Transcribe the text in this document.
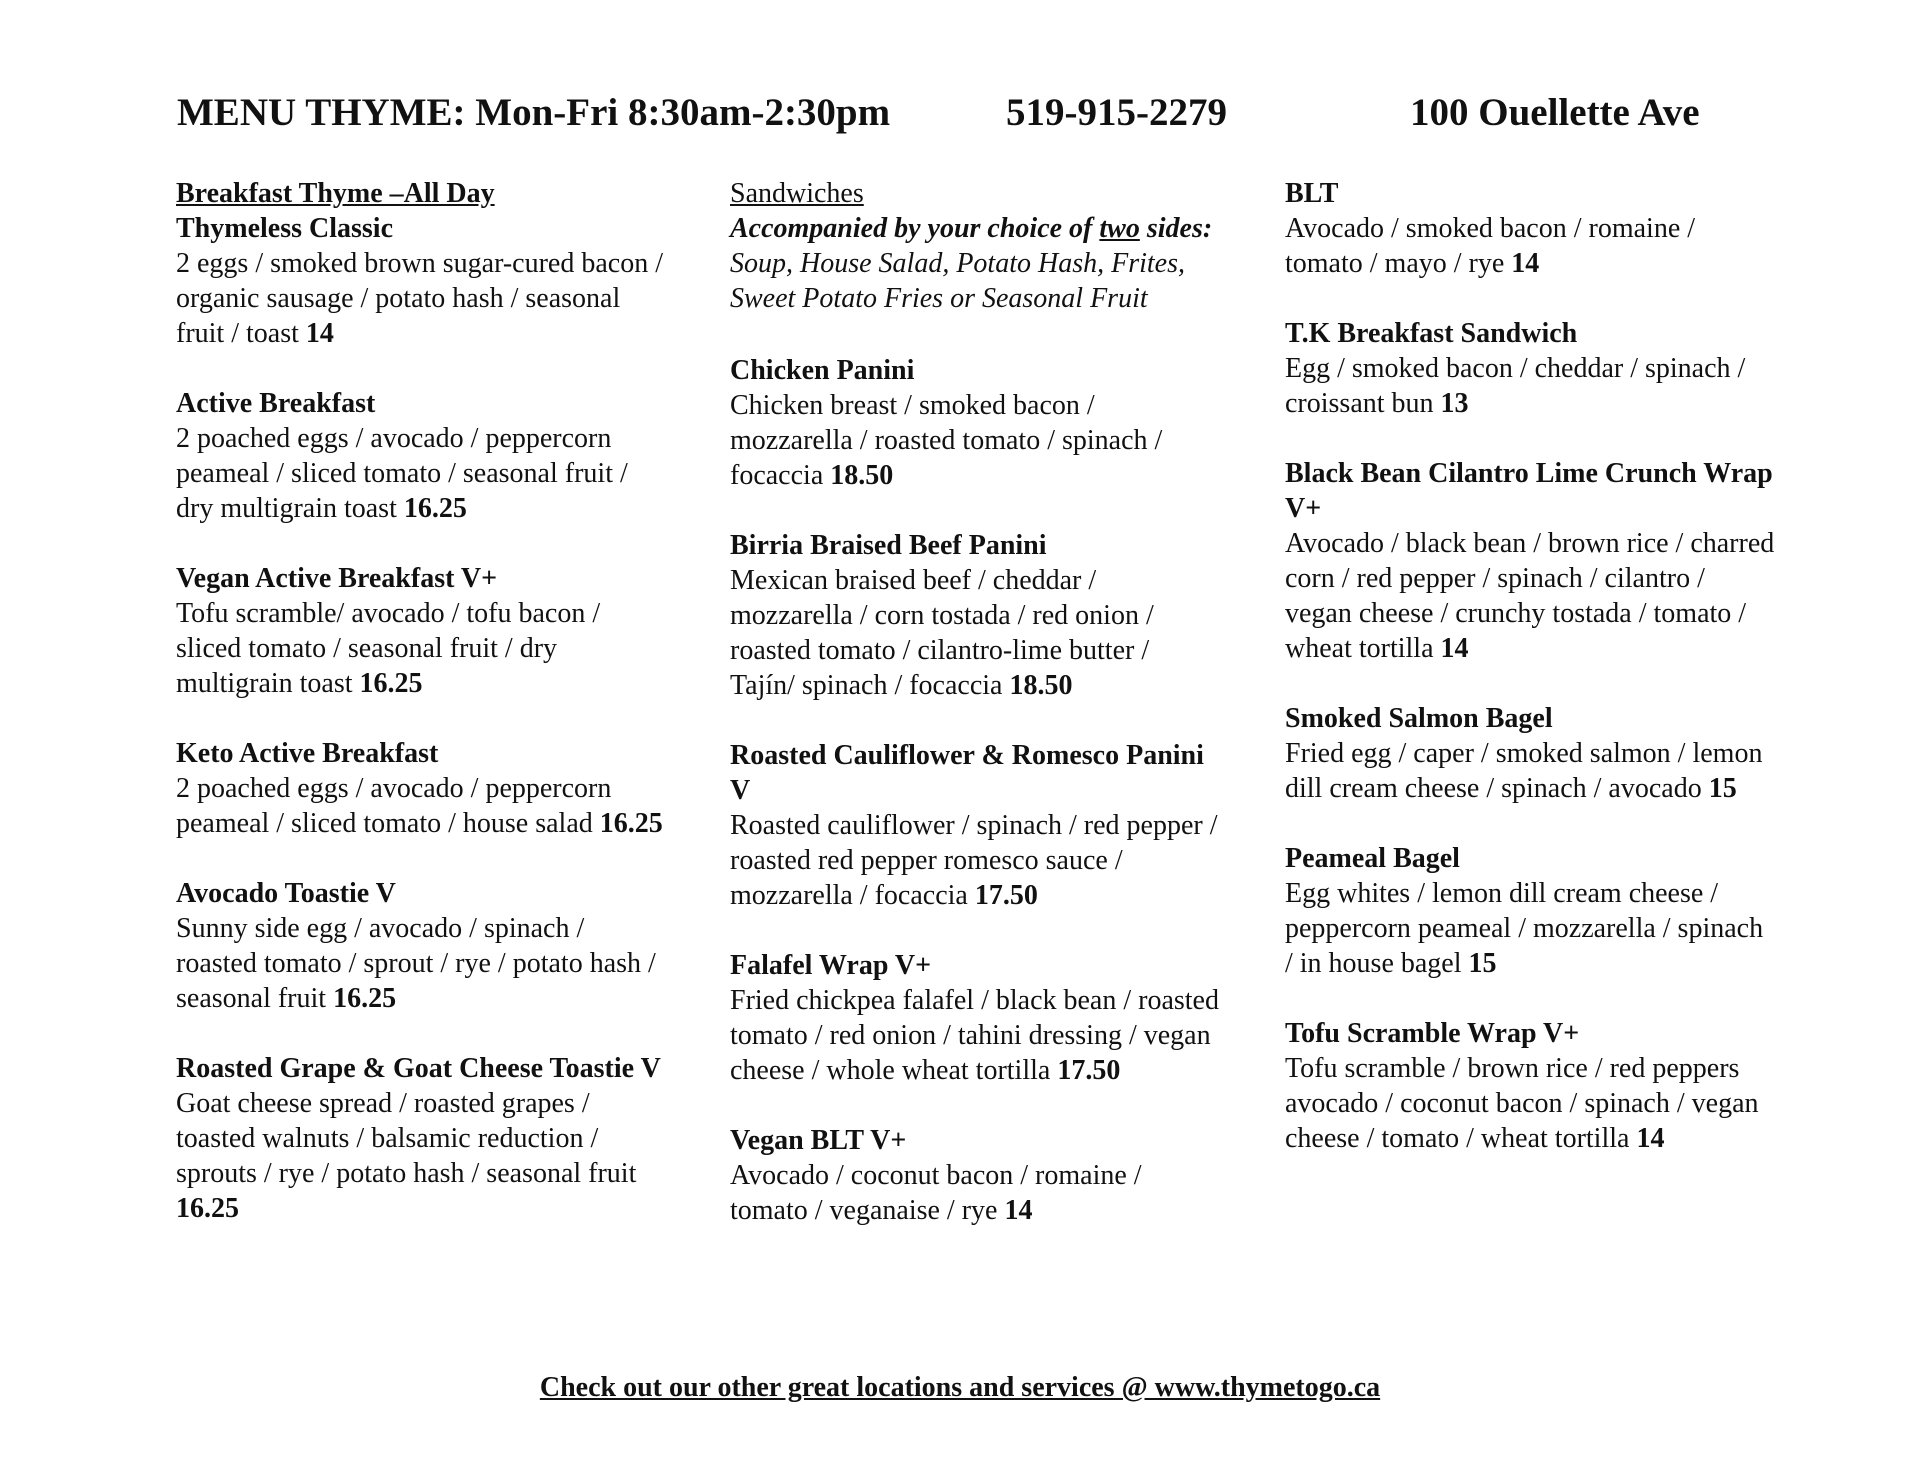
MENU THYME: Mon-Fri 8:30am-2:30pm	519-915-2279	100 Ouellette Ave
Breakfast Thyme –All Day
Thymeless Classic
2 eggs / smoked brown sugar-cured bacon / organic sausage / potato hash / seasonal fruit / toast 14
Active Breakfast
2 poached eggs / avocado / peppercorn peameal / sliced tomato / seasonal fruit / dry multigrain toast 16.25
Vegan Active Breakfast V+
Tofu scramble/ avocado / tofu bacon / sliced tomato / seasonal fruit / dry multigrain toast 16.25
Keto Active Breakfast
2 poached eggs / avocado / peppercorn peameal / sliced tomato / house salad 16.25
Avocado Toastie V
Sunny side egg / avocado / spinach / roasted tomato / sprout / rye / potato hash / seasonal fruit 16.25
Roasted Grape & Goat Cheese Toastie V
Goat cheese spread / roasted grapes / toasted walnuts / balsamic reduction / sprouts / rye / potato hash / seasonal fruit 16.25
Sandwiches
Accompanied by your choice of two sides: Soup, House Salad, Potato Hash, Frites, Sweet Potato Fries or Seasonal Fruit
Chicken Panini
Chicken breast / smoked bacon / mozzarella / roasted tomato / spinach / focaccia 18.50
Birria Braised Beef Panini
Mexican braised beef / cheddar / mozzarella / corn tostada / red onion / roasted tomato / cilantro-lime butter / Tajín/ spinach / focaccia 18.50
Roasted Cauliflower & Romesco Panini V
Roasted cauliflower / spinach / red pepper / roasted red pepper romesco sauce / mozzarella / focaccia 17.50
Falafel Wrap V+
Fried chickpea falafel / black bean / roasted tomato / red onion / tahini dressing / vegan cheese / whole wheat tortilla 17.50
Vegan BLT V+
Avocado / coconut bacon / romaine / tomato / veganaise / rye 14
BLT
Avocado / smoked bacon / romaine / tomato / mayo / rye 14
T.K Breakfast Sandwich
Egg / smoked bacon / cheddar / spinach / croissant bun 13
Black Bean Cilantro Lime Crunch Wrap V+
Avocado / black bean / brown rice / charred corn / red pepper / spinach / cilantro / vegan cheese / crunchy tostada / tomato / wheat tortilla 14
Smoked Salmon Bagel
Fried egg / caper / smoked salmon / lemon dill cream cheese / spinach / avocado 15
Peameal Bagel
Egg whites / lemon dill cream cheese / peppercorn peameal / mozzarella / spinach / in house bagel 15
Tofu Scramble Wrap V+
Tofu scramble / brown rice / red peppers avocado / coconut bacon / spinach / vegan cheese / tomato / wheat tortilla 14
Check out our other great locations and services @ www.thymetogo.ca
